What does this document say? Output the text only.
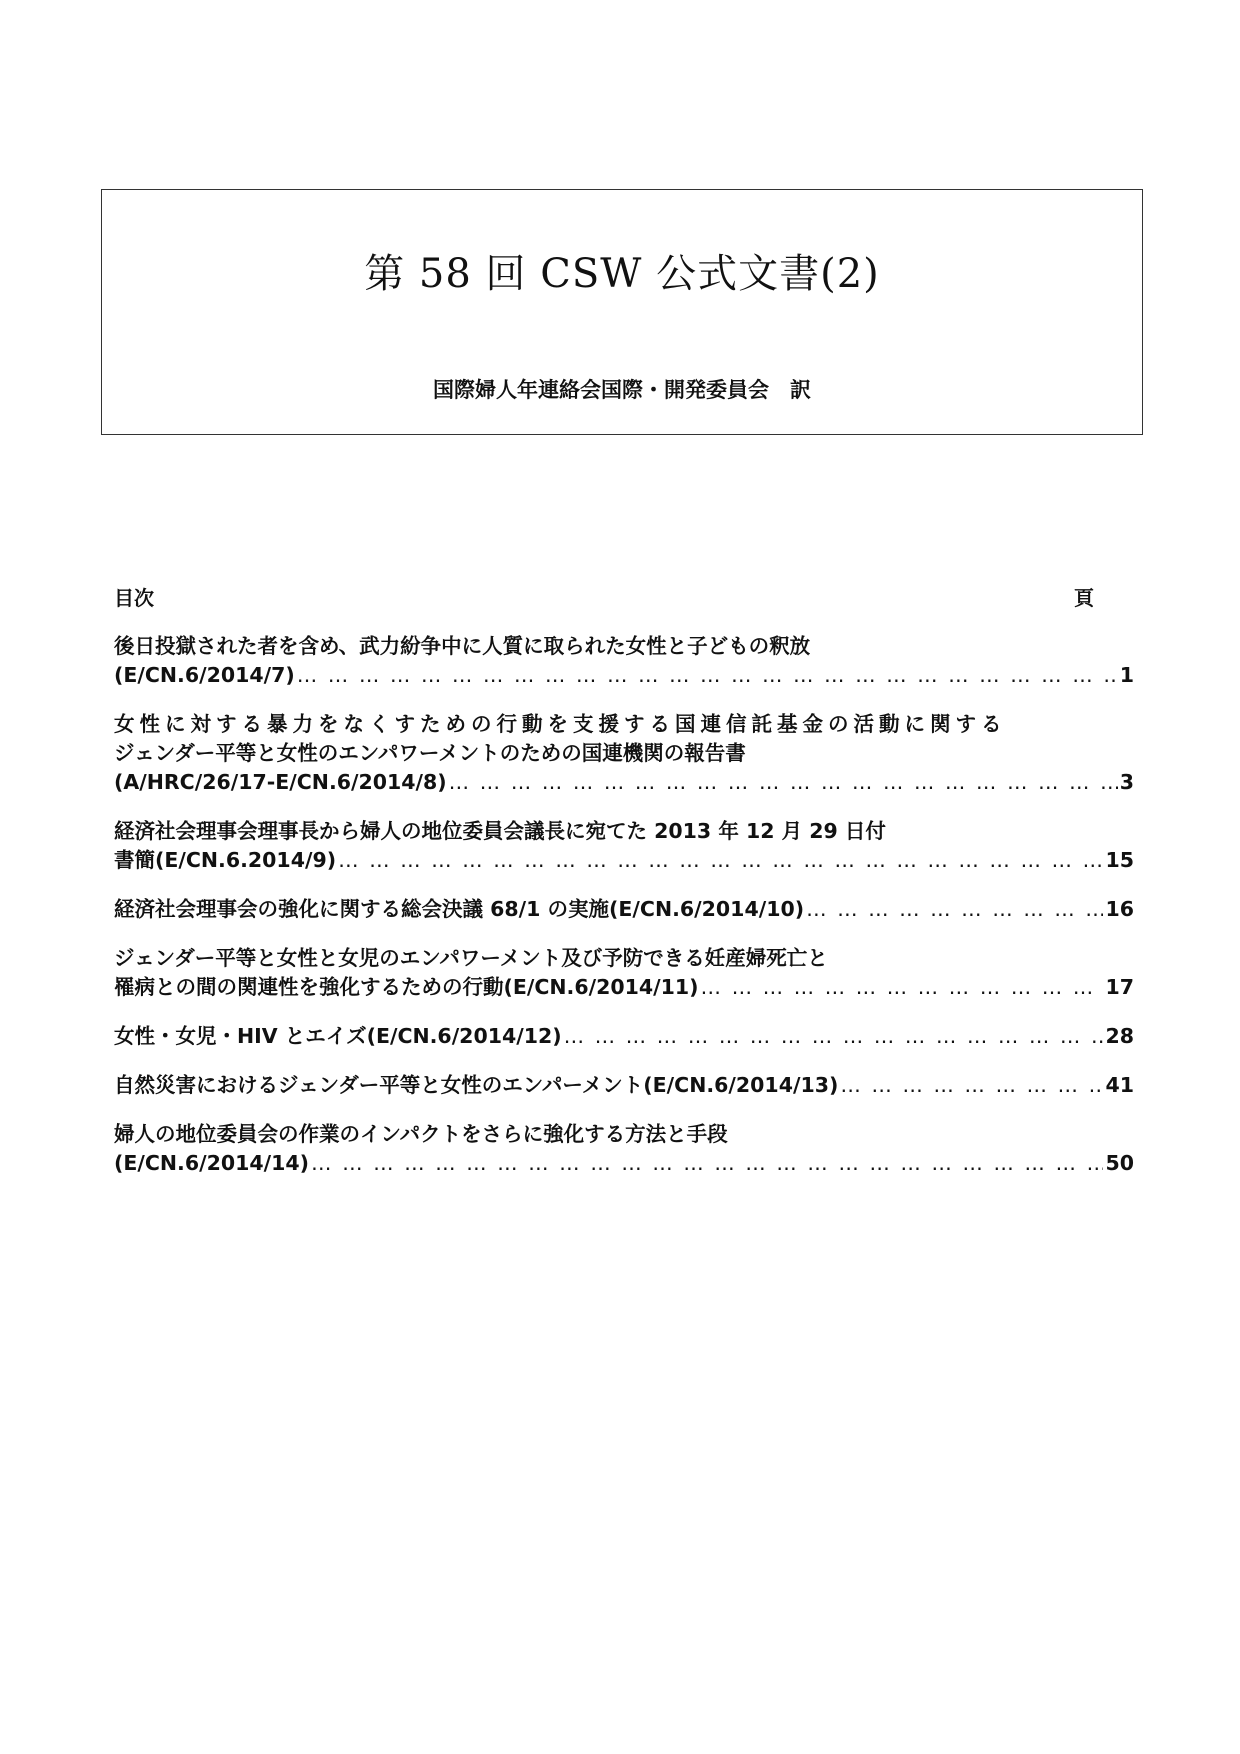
第 58 回 CSW 公式文書(2)
国際婦人年連絡会国際・開発委員会　訳
目次	頁
後日投獄された者を含め、武力紛争中に人質に取られた女性と子どもの釈放
(E/CN.6/2014/7) … … … … … … … … … … … … … … … … … … … … … … … … … … … … … … … … … … … … … … … … … … … … … … … … … … … … … … … … … … … … … … … … … … … … … … … … … … … … … …	1
女性に対する暴力をなくすための行動を支援する国連信託基金の活動に関する
ジェンダー平等と女性のエンパワーメントのための国連機関の報告書
(A/HRC/26/17-E/CN.6/2014/8) … … … … … … … … … … … … … … … … … … … … … … … … … … … … … … … … … … … … … … … … … … … … … … … … … … … … … … … … … … … … … … … … … … … … … … … … … … … … … …	3
経済社会理事会理事長から婦人の地位委員会議長に宛てた 2013 年 12 月 29 日付
書簡(E/CN.6.2014/9) … … … … … … … … … … … … … … … … … … … … … … … … … … … … … … … … … … … … … … … … … … … … … … … … … … … … … … … … … … … … … … … … … … … … … … … … … … … … … …	15
経済社会理事会の強化に関する総会決議 68/1 の実施(E/CN.6/2014/10) … … … … … … … … … … … … … … … … … … … … … … … … … … … … … … … … … … … … … … … … … … … … … … … … … … … … … … … … … … … … … … … … … … … … … … … … … … … … … …	16
ジェンダー平等と女性と女児のエンパワーメント及び予防できる妊産婦死亡と
罹病との間の関連性を強化するための行動(E/CN.6/2014/11) … … … … … … … … … … … … … … … … … … … … … … … … … … … … … … … … … … … … … … … … … … … … … … … … … … … … … … … … … … … … … … … … … … … … … … … … … … … … … …	17
女性・女児・HIV とエイズ(E/CN.6/2014/12) … … … … … … … … … … … … … … … … … … … … … … … … … … … … … … … … … … … … … … … … … … … … … … … … … … … … … … … … … … … … … … … … … … … … … … … … … … … … … …	28
自然災害におけるジェンダー平等と女性のエンパーメント(E/CN.6/2014/13) … … … … … … … … … … … … … … … … … … … … … … … … … … … … … … … … … … … … … … … … … … … … … … … … … … … … … … … … … … … … … … … … … … … … … … … … … … … … … …	41
婦人の地位委員会の作業のインパクトをさらに強化する方法と手段
(E/CN.6/2014/14) … … … … … … … … … … … … … … … … … … … … … … … … … … … … … … … … … … … … … … … … … … … … … … … … … … … … … … … … … … … … … … … … … … … … … … … … … … … … … …	50
